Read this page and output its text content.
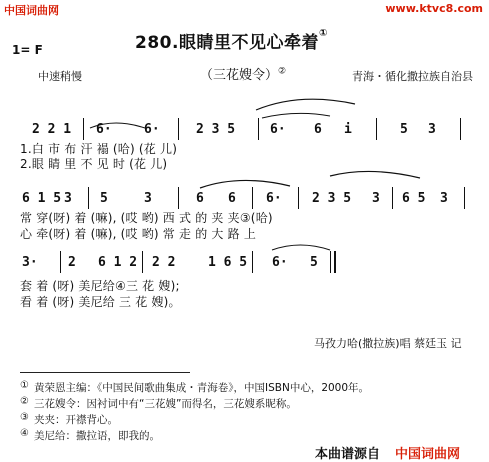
中国词曲网	www.ktvc8.com
280.眼睛里不见心牵着①
1= F
中速稍慢	（三花嫂令）②	青海・循化撒拉族自治县
2 2 1 6· 6·	2 3 5	6· 6 i	5 3
1.白 市 布 汗 褟 (哈) (花 儿)
2.眼 睛 里 不 见 时 (花 儿)
6 1 5 3 5	3	6 6 6· 2 3 5 3 6 5 3
常 穿(呀) 着 (嘛), (哎 哟) 西 式 的 夹 夹③(哈)
心 牵(呀) 着 (嘛), (哎 哟) 常 走 的 大 路 上
3· 2 6 1 2 2 2	1 6 5 6· 5
套 着 (呀) 美尼给④三 花 嫂);
看 着 (呀) 美尼给 三 花 嫂)。
马孜力哈(撒拉族)唱 蔡廷玉 记
① 黄荣恩主编：《中国民间歌曲集成・青海卷》，中国ISBN中心，2000年。
② 三花嫂令：因衬词中有“三花嫂”而得名，三花嫂系昵称。
③ 夹夹：开襟背心。
④ 美尼给：撒拉语，即我的。
本曲谱源自 中国词曲网
